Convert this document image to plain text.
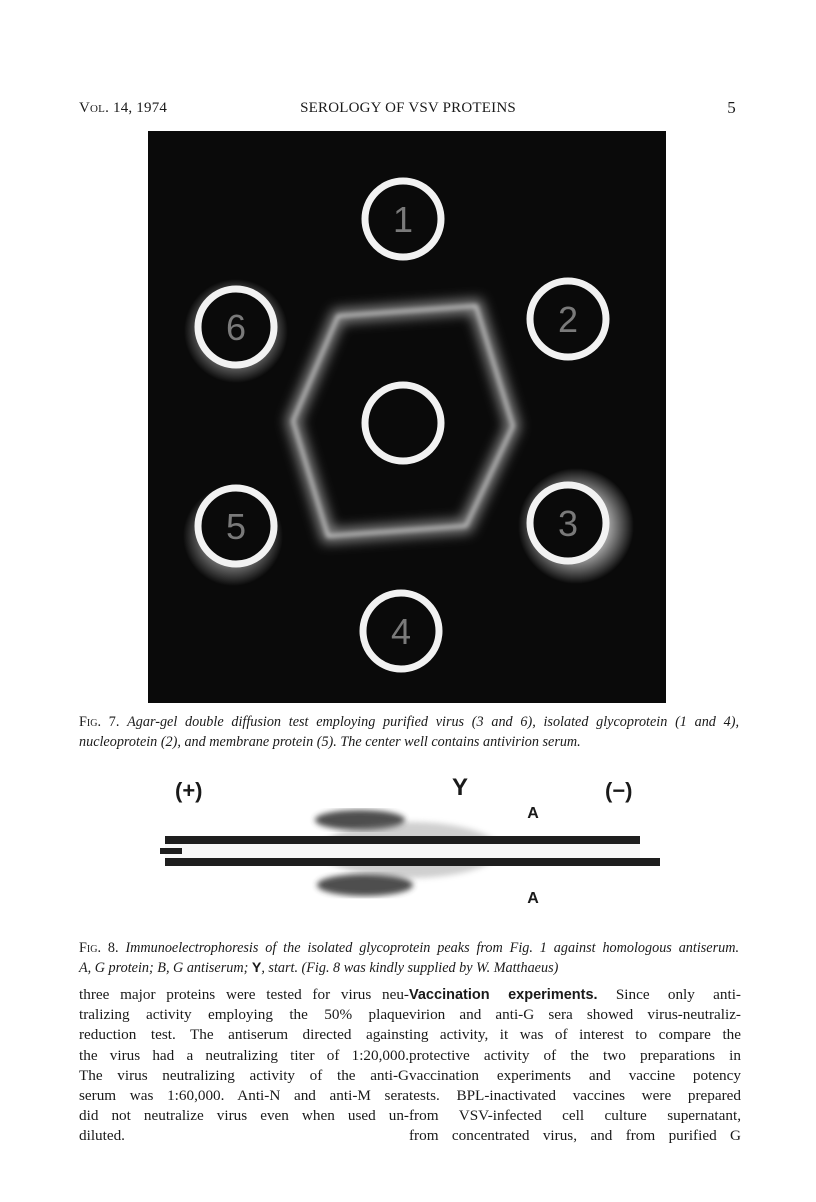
Vol. 14, 1974	SEROLOGY OF VSV PROTEINS	5
1
2
3
4
5
6
Fig. 7. Agar-gel double diffusion test employing purified virus (3 and 6), isolated glycoprotein (1 and 4),
nucleoprotein (2), and membrane protein (5). The center well contains antivirion serum.
(+)	(−)
Y
A
A
Fig. 8. Immunoelectrophoresis of the isolated glycoprotein peaks from Fig. 1 against homologous antiserum.
A, G protein; B, G antiserum; Y, start. (Fig. 8 was kindly supplied by W. Matthaeus)
three major proteins were tested for virus neu-
tralizing activity employing the 50% plaque
reduction test. The antiserum directed against
the virus had a neutralizing titer of 1:20,000.
The virus neutralizing activity of the anti-G
serum was 1:60,000. Anti-N and anti-M sera
did not neutralize virus even when used un-
diluted.
Vaccination experiments. Since only anti-
virion and anti-G sera showed virus-neutraliz-
ing activity, it was of interest to compare the
protective activity of the two preparations in
vaccination experiments and vaccine potency
tests. BPL-inactivated vaccines were prepared
from VSV-infected cell culture supernatant,
from concentrated virus, and from purified G
